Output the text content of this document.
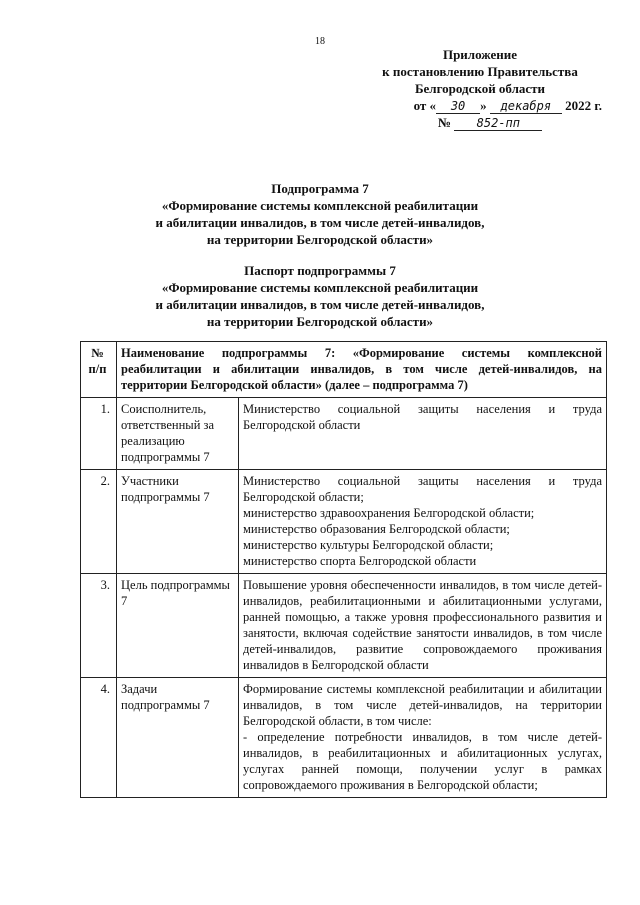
18
Приложение
к постановлению Правительства
Белгородской области
от « 30 » декабря 2022 г.
№ 852-пп
Подпрограмма 7
«Формирование системы комплексной реабилитации
и абилитации инвалидов, в том числе детей-инвалидов,
на территории Белгородской области»
Паспорт подпрограммы 7
«Формирование системы комплексной реабилитации
и абилитации инвалидов, в том числе детей-инвалидов,
на территории Белгородской области»
№ п/п	Наименование подпрограммы 7: «Формирование системы комплексной реабилитации и абилитации инвалидов, в том числе детей-инвалидов, на территории Белгородской области» (далее – подпрограмма 7)	
1.	Соисполнитель, ответственный за реализацию подпрограммы 7	Министерство социальной защиты населения и труда Белгородской области

2.	Участники подпрограммы 7	Министерство социальной защиты населения и труда Белгородской области;
министерство здравоохранения Белгородской области;
министерство образования Белгородской области;
министерство культуры Белгородской области;
министерство спорта Белгородской области

3.	Цель подпрограммы 7	Повышение уровня обеспеченности инвалидов, в том числе детей-инвалидов, реабилитационными и абилитационными услугами, ранней помощью, а также уровня профессионального развития и занятости, включая содействие занятости инвалидов, в том числе детей-инвалидов, развитие сопровождаемого проживания инвалидов в Белгородской области

4.	Задачи подпрограммы 7	Формирование системы комплексной реабилитации и абилитации инвалидов, в том числе детей-инвалидов, на территории Белгородской области, в том числе:
- определение потребности инвалидов, в том числе детей-инвалидов, в реабилитационных и абилитационных услугах, услугах ранней помощи, получении услуг в рамках сопровождаемого проживания в Белгородской области;
